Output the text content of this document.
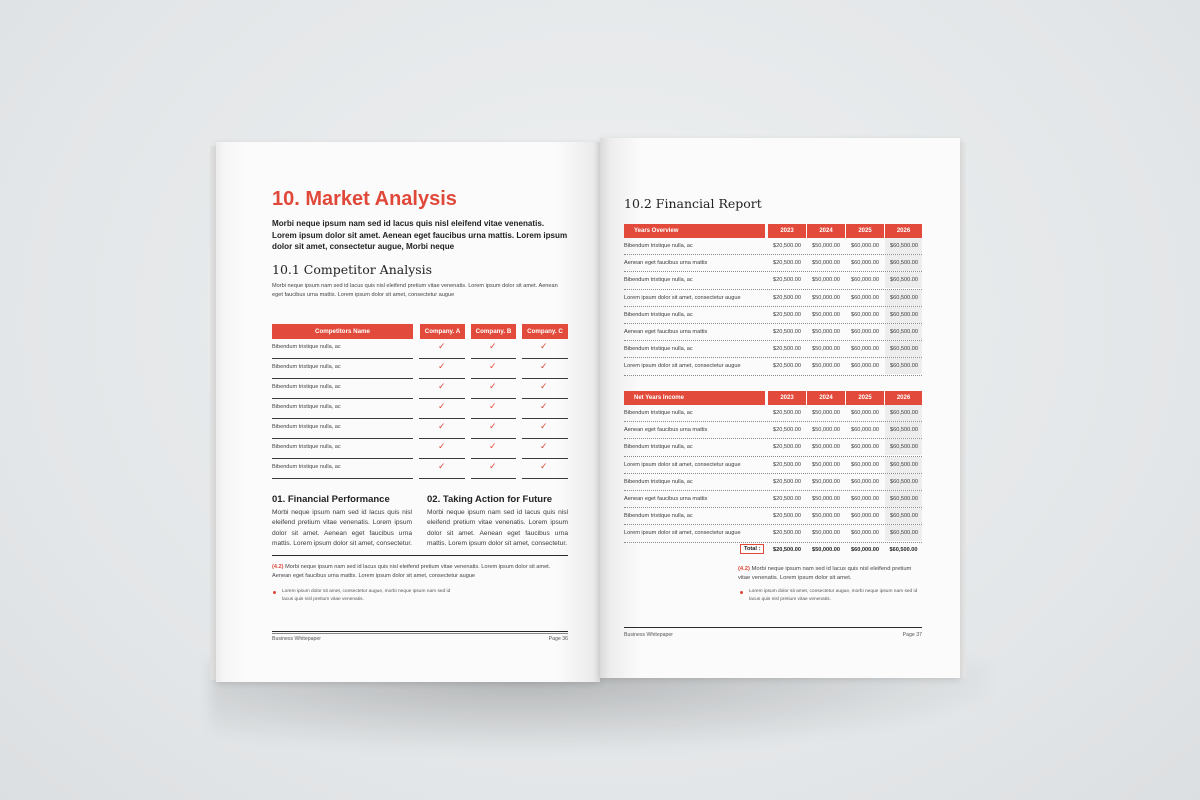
10. Market Analysis
Morbi neque ipsum nam sed id lacus quis nisl eleifend vitae venenatis. Lorem ipsum dolor sit amet. Aenean eget faucibus urna mattis. Lorem ipsum dolor sit amet, consectetur augue, Morbi neque
10.1 Competitor Analysis
Morbi neque ipsum nam sed id lacus quis nisl eleifend pretium vitae venenatis. Lorem ipsum dolor sit amet. Aenean eget faucibus urna mattis. Lorem ipsum dolor sit amet, consectetur augue
Competitors Name	Company. A	Company. B	Company. C
Bibendum tristique nulla, ac	✓	✓	✓
Bibendum tristique nulla, ac	✓	✓	✓
Bibendum tristique nulla, ac	✓	✓	✓
Bibendum tristique nulla, ac	✓	✓	✓
Bibendum tristique nulla, ac	✓	✓	✓
Bibendum tristique nulla, ac	✓	✓	✓
Bibendum tristique nulla, ac	✓	✓	✓
01. Financial Performance
Morbi neque ipsum nam sed id lacus quis nisl eleifend pretium vitae venenatis. Lorem ipsum dolor sit amet. Aenean eget faucibus urna mattis. Lorem ipsum dolor sit amet, consectetur.
02. Taking Action for Future
Morbi neque ipsum nam sed id lacus quis nisl eleifend pretium vitae venenatis. Lorem ipsum dolor sit amet. Aenean eget faucibus urna mattis. Lorem ipsum dolor sit amet, consectetur.
(4.2) Morbi neque ipsum nam sed id lacus quis nisl eleifend pretium vitae venenatis. Lorem ipsum dolor sit amet. Aenean eget faucibus urna mattis. Lorem ipsum dolor sit amet, consectetur augue
Lorem ipsum dolor sit amet, consectetur augue, morbi neque ipsum nam sed id lacus quis nisl pretium vitae venenatis.
Business Whitepaper	Page 36
10.2 Financial Report
Years Overview	2023	2024	2025	2026
Bibendum tristique nulla, ac	$20,500.00	$50,000.00	$60,000.00	$60,500.00
Aenean eget faucibus urna mattis	$20,500.00	$50,000.00	$60,000.00	$60,500.00
Bibendum tristique nulla, ac	$20,500.00	$50,000.00	$60,000.00	$60,500.00
Lorem ipsum dolor sit amet, consectetur augue	$20,500.00	$50,000.00	$60,000.00	$60,500.00
Bibendum tristique nulla, ac	$20,500.00	$50,000.00	$60,000.00	$60,500.00
Aenean eget faucibus urna mattis	$20,500.00	$50,000.00	$60,000.00	$60,500.00
Bibendum tristique nulla, ac	$20,500.00	$50,000.00	$60,000.00	$60,500.00
Lorem ipsum dolor sit amet, consectetur augue	$20,500.00	$50,000.00	$60,000.00	$60,500.00
Net Years Income	2023	2024	2025	2026
Bibendum tristique nulla, ac	$20,500.00	$50,000.00	$60,000.00	$60,500.00
Aenean eget faucibus urna mattis	$20,500.00	$50,000.00	$60,000.00	$60,500.00
Bibendum tristique nulla, ac	$20,500.00	$50,000.00	$60,000.00	$60,500.00
Lorem ipsum dolor sit amet, consectetur augue	$20,500.00	$50,000.00	$60,000.00	$60,500.00
Bibendum tristique nulla, ac	$20,500.00	$50,000.00	$60,000.00	$60,500.00
Aenean eget faucibus urna mattis	$20,500.00	$50,000.00	$60,000.00	$60,500.00
Bibendum tristique nulla, ac	$20,500.00	$50,000.00	$60,000.00	$60,500.00
Lorem ipsum dolor sit amet, consectetur augue	$20,500.00	$50,000.00	$60,000.00	$60,500.00
Total :	$20,500.00	$50,000.00	$60,000.00	$60,500.00
(4.2) Morbi neque ipsum nam sed id lacus quis nisl eleifend pretium vitae venenatis. Lorem ipsum dolor sit amet.
Lorem ipsum dolor sit amet, consectetur augue, morbi neque ipsum nam sed id lacus quis nisl pretium vitae venenatis.
Business Whitepaper	Page 37
